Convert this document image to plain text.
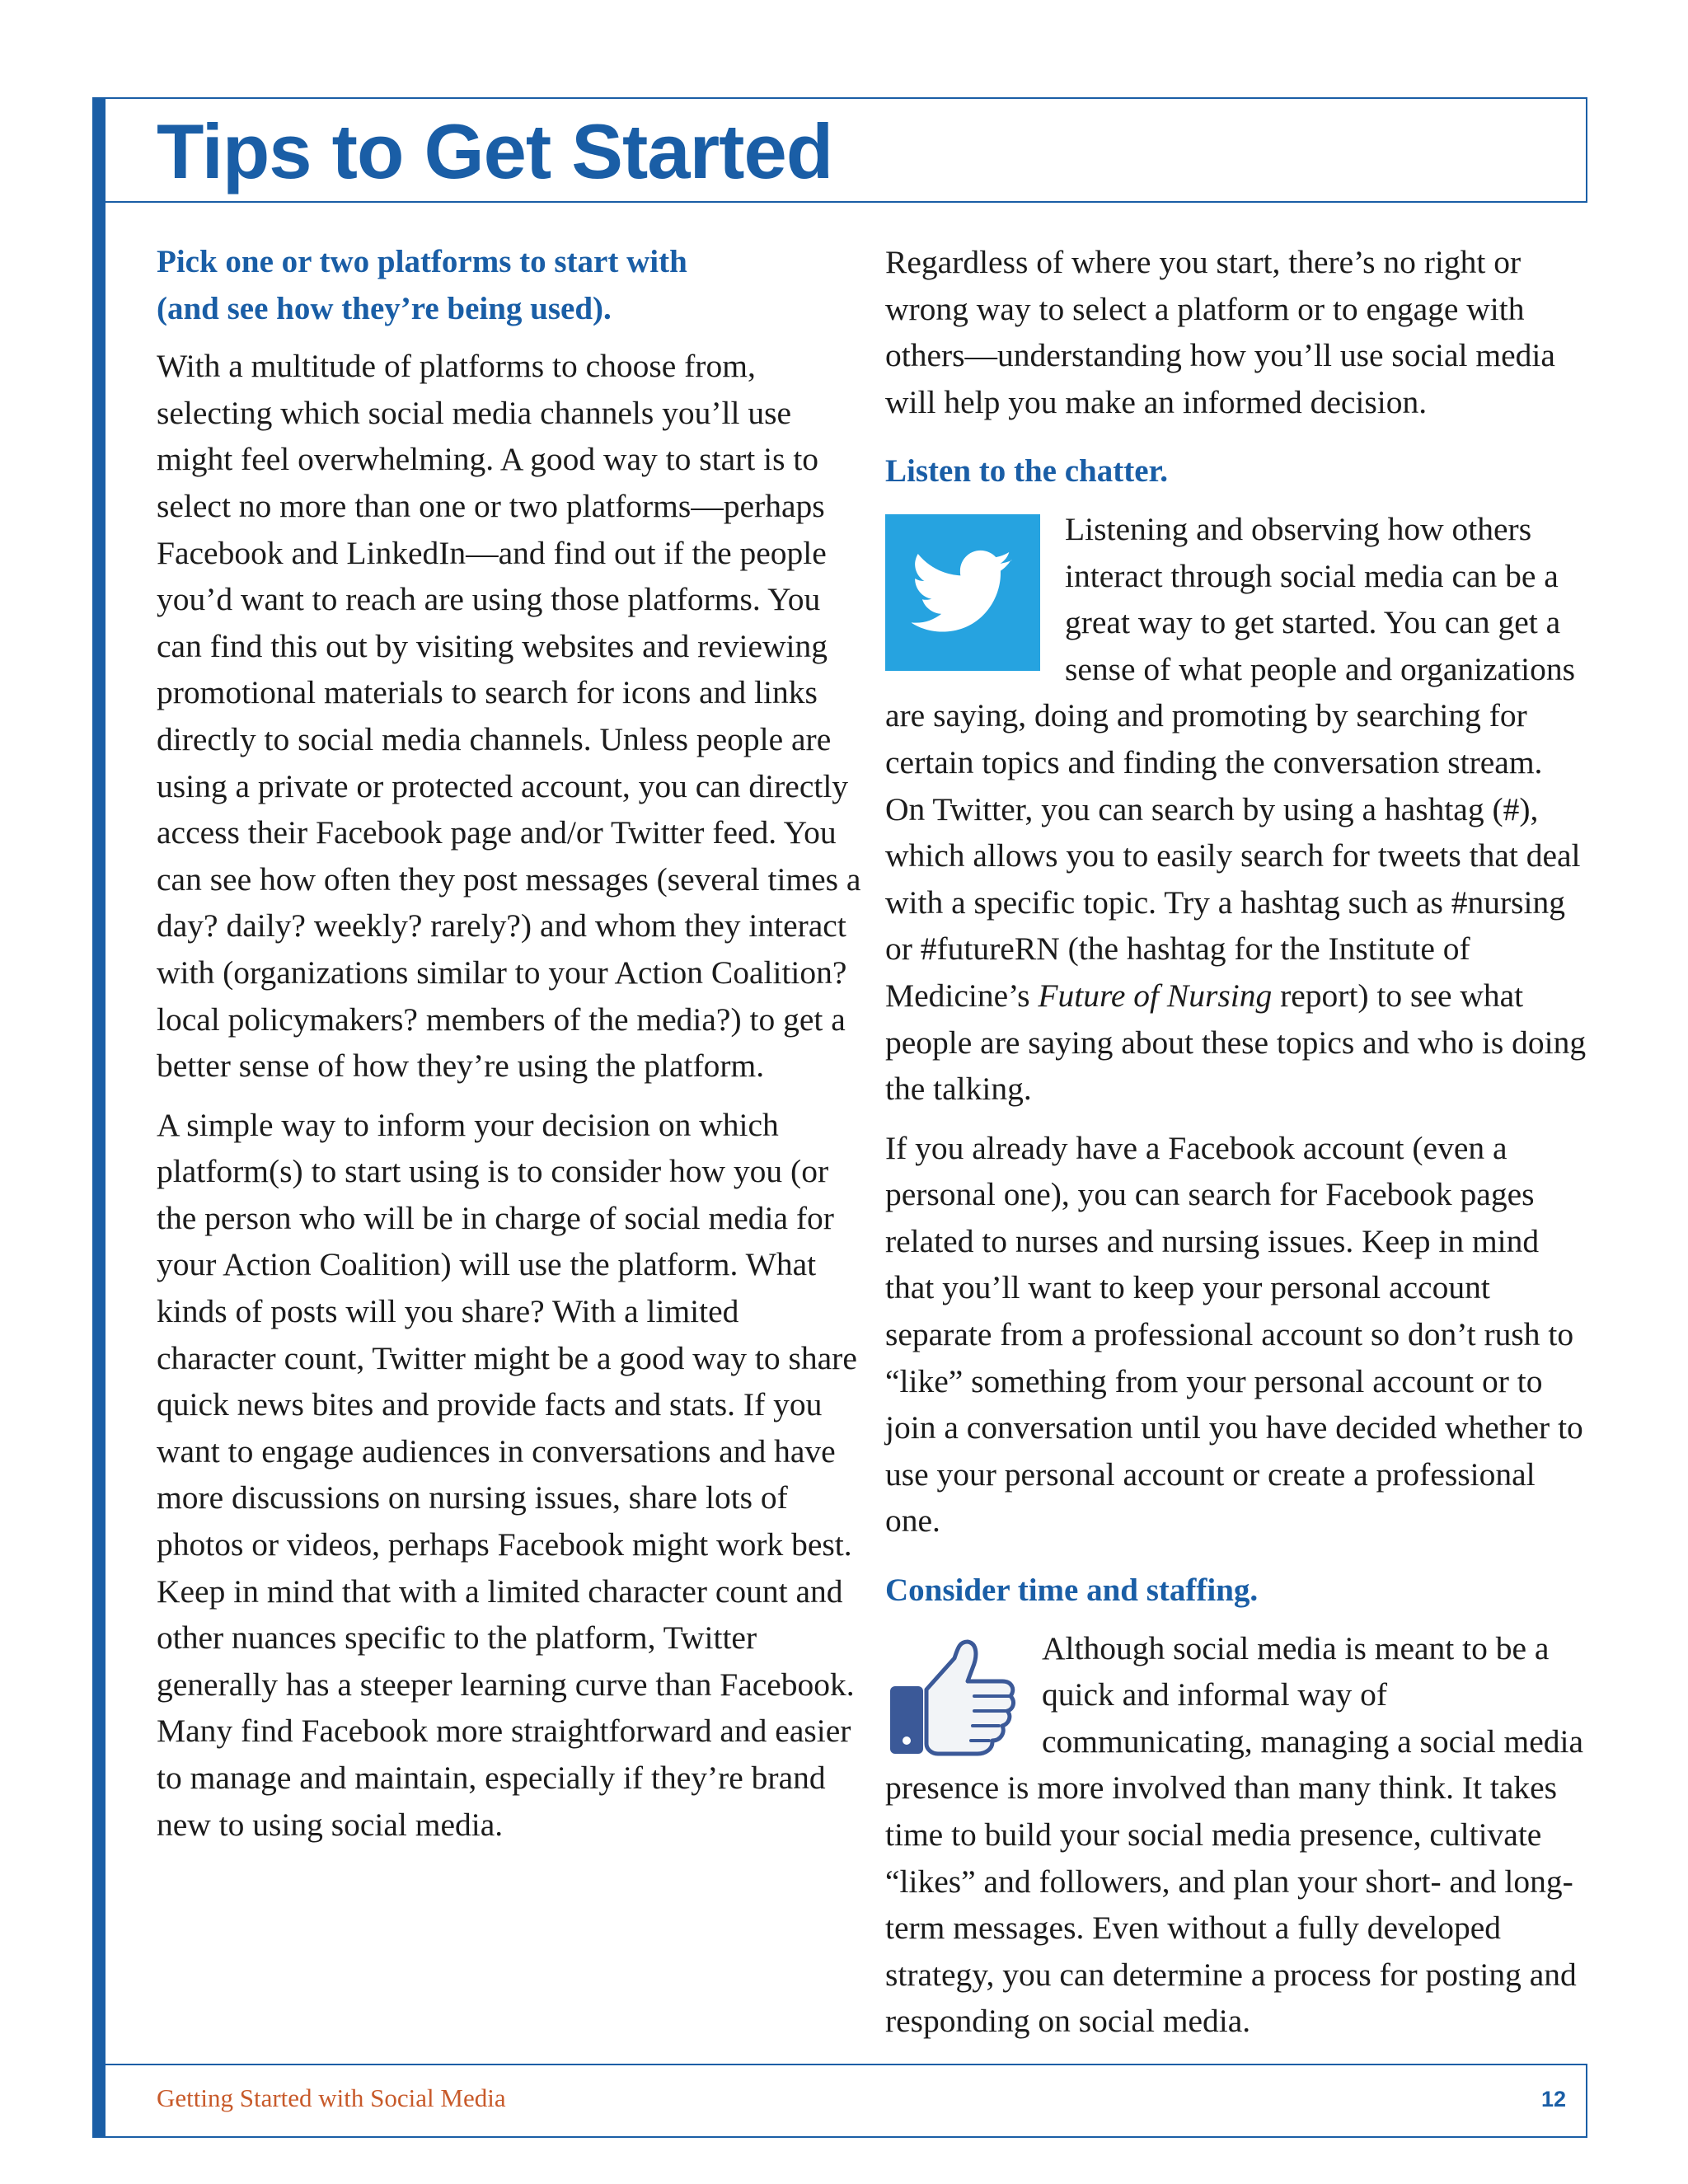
Tips to Get Started
Pick one or two platforms to start with
(and see how they’re being used).

With a multitude of platforms to choose from, selecting which social media channels you’ll use might feel overwhelming. A good way to start is to select no more than one or two platforms—perhaps Facebook and LinkedIn—and find out if the people you’d want to reach are using those platforms. You can find this out by visiting websites and reviewing promotional materials to search for icons and links directly to social media channels. Unless people are using a private or protected account, you can directly access their Facebook page and/or Twitter feed. You can see how often they post messages (several times a day? daily? weekly? rarely?) and whom they interact with (organizations similar to your Action Coalition? local policymakers? members of the media?) to get a better sense of how they’re using the platform.

A simple way to inform your decision on which platform(s) to start using is to consider how you (or the person who will be in charge of social media for your Action Coalition) will use the platform. What kinds of posts will you share? With a limited character count, Twitter might be a good way to share quick news bites and provide facts and stats. If you want to engage audiences in conversations and have more discussions on nursing issues, share lots of photos or videos, perhaps Facebook might work best. Keep in mind that with a limited character count and other nuances specific to the platform, Twitter generally has a steeper learning curve than Facebook. Many find Facebook more straightforward and easier to manage and maintain, especially if they’re brand new to using social media.

Regardless of where you start, there’s no right or wrong way to select a platform or to engage with others—understanding how you’ll use social media will help you make an informed decision.

Listen to the chatter.

Listening and observing how others interact through social media can be a great way to get started. You can get a sense of what people and organizations are saying, doing and promoting by searching for certain topics and finding the conversation stream. On Twitter, you can search by using a hashtag (#), which allows you to easily search for tweets that deal with a specific topic. Try a hashtag such as #nursing or #futureRN (the hashtag for the Institute of Medicine’s Future of Nursing report) to see what people are saying about these topics and who is doing the talking.

If you already have a Facebook account (even a personal one), you can search for Facebook pages related to nurses and nursing issues. Keep in mind that you’ll want to keep your personal account separate from a professional account so don’t rush to “like” something from your personal account or to join a conversation until you have decided whether to use your personal account or create a professional one.

Consider time and staffing.

Although social media is meant to be a quick and informal way of communicating, managing a social media presence is more involved than many think. It takes time to build your social media presence, cultivate “likes” and followers, and plan your short- and long-term messages. Even without a fully developed strategy, you can determine a process for posting and responding on social media.

Getting Started with Social Media	12
